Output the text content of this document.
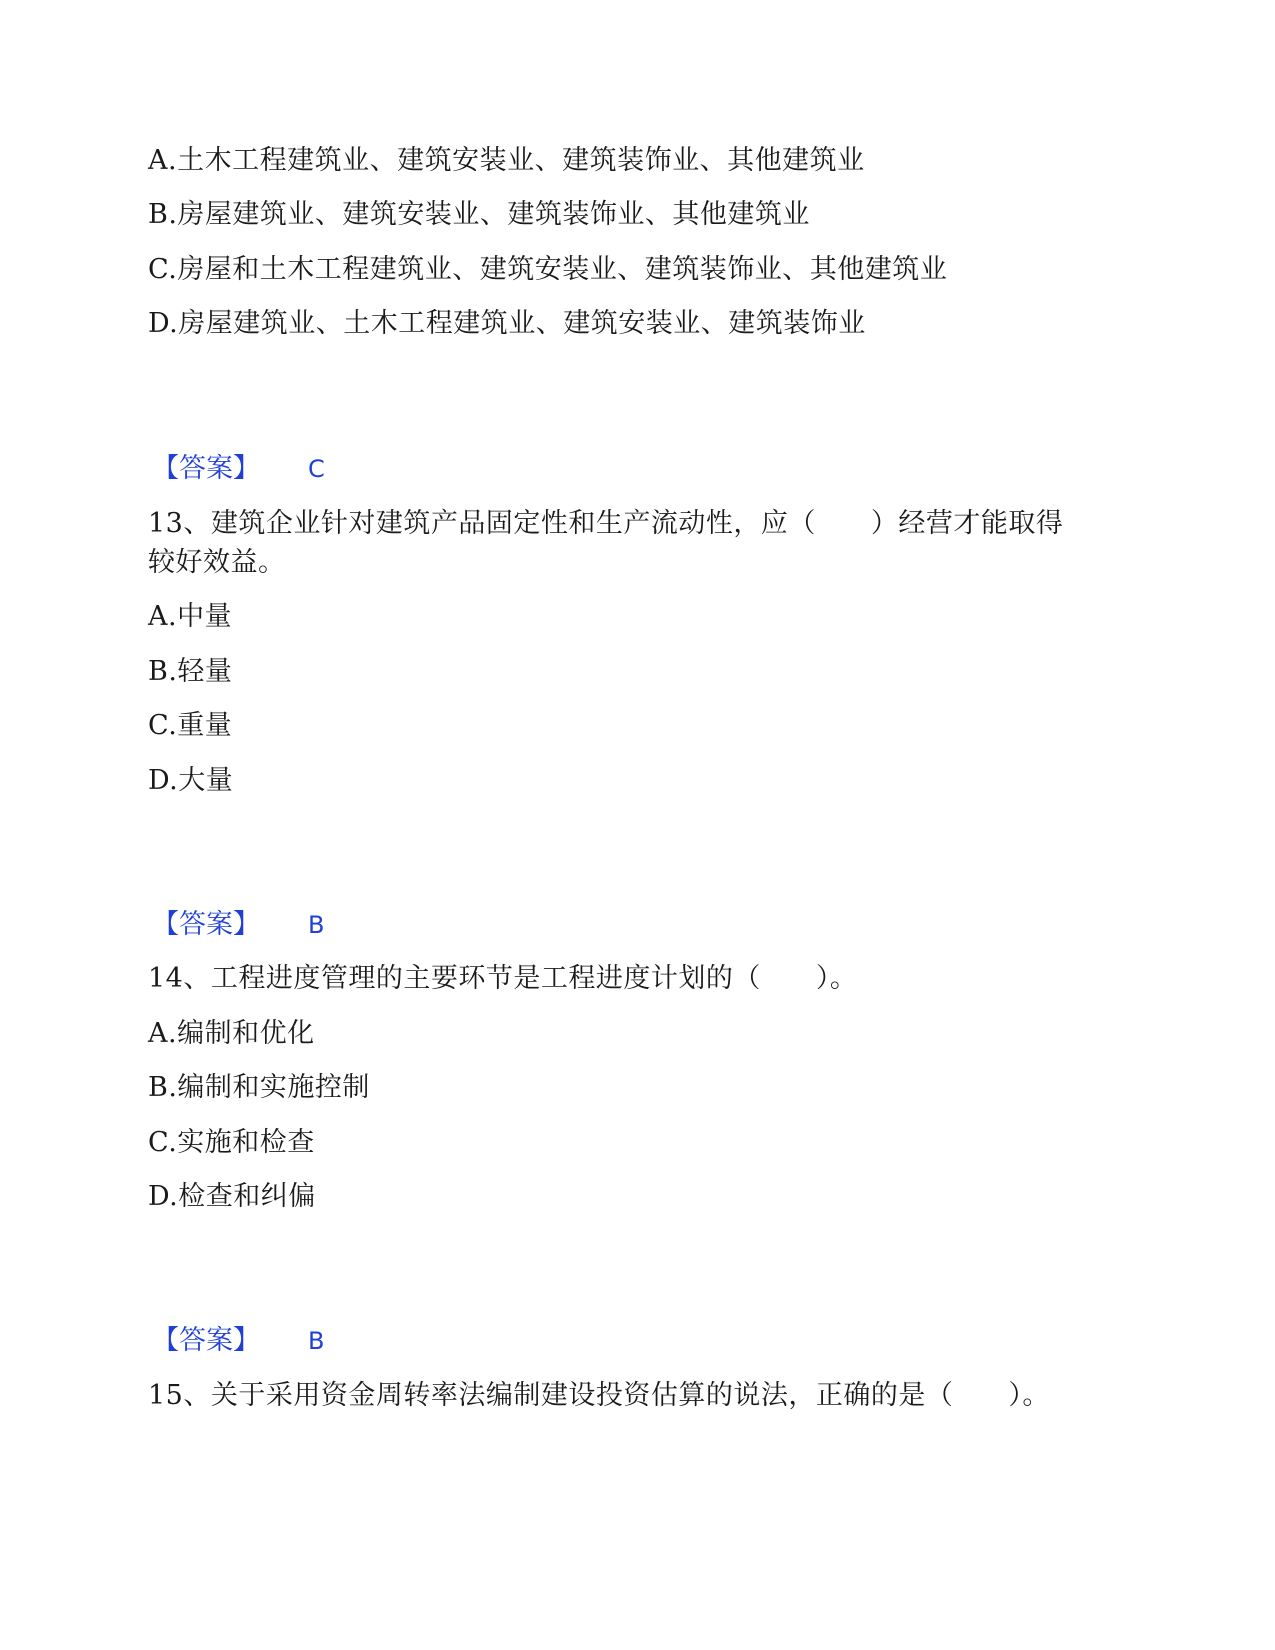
A.土木工程建筑业、建筑安装业、建筑装饰业、其他建筑业
B.房屋建筑业、建筑安装业、建筑装饰业、其他建筑业
C.房屋和土木工程建筑业、建筑安装业、建筑装饰业、其他建筑业
D.房屋建筑业、土木工程建筑业、建筑安装业、建筑装饰业
【答案】 C
13、建筑企业针对建筑产品固定性和生产流动性，应（　　）经营才能取得
较好效益。
A.中量
B.轻量
C.重量
D.大量
【答案】 B
14、工程进度管理的主要环节是工程进度计划的（　　）。
A.编制和优化
B.编制和实施控制
C.实施和检查
D.检查和纠偏
【答案】 B
15、关于采用资金周转率法编制建设投资估算的说法，正确的是（　　）。
